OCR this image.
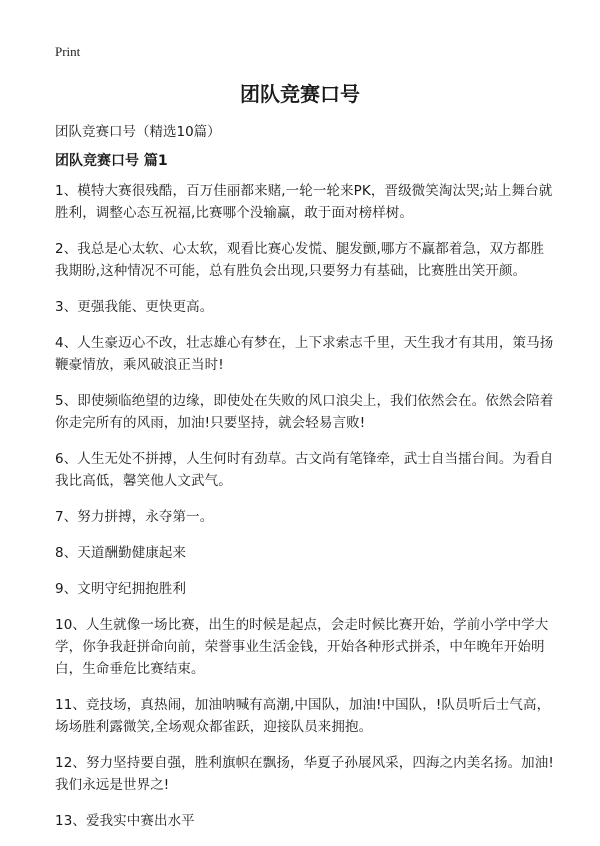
Print
团队竞赛口号

团队竞赛口号（精选10篇）

团队竞赛口号 篇1
1、模特大赛很残酷，百万佳丽都来赌,一轮一轮来PK，晋级微笑淘汰哭;站上舞台就胜利，调整心态互祝福,比赛哪个没输赢，敢于面对榜样树。
2、我总是心太软、心太软，观看比赛心发慌、腿发颤,哪方不赢都着急，双方都胜我期盼,这种情况不可能，总有胜负会出现,只要努力有基础，比赛胜出笑开颜。
3、更强我能、更快更高。
4、人生豪迈心不改，壮志雄心有梦在，上下求索志千里，天生我才有其用，策马扬鞭豪情放，乘风破浪正当时!
5、即使频临绝望的边缘，即使处在失败的风口浪尖上，我们依然会在。依然会陪着你走完所有的风雨，加油!只要坚持，就会轻易言败!
6、人生无处不拼搏，人生何时有劲草。古文尚有笔锋牵，武士自当擂台间。为看自我比高低，馨笑他人文武气。
7、努力拼搏，永夺第一。
8、天道酬勤健康起来
9、文明守纪拥抱胜利
10、人生就像一场比赛，出生的时候是起点，会走时候比赛开始，学前小学中学大学，你争我赶拼命向前，荣誉事业生活金钱，开始各种形式拼杀，中年晚年开始明白，生命垂危比赛结束。
11、竞技场，真热闹，加油呐喊有高潮,中国队，加油!中国队，!队员听后士气高，场场胜利露微笑,全场观众都雀跃，迎接队员来拥抱。
12、努力坚持要自强，胜利旗帜在飘扬，华夏子孙展风采，四海之内美名扬。加油!我们永远是世界之!
13、爱我实中赛出水平
